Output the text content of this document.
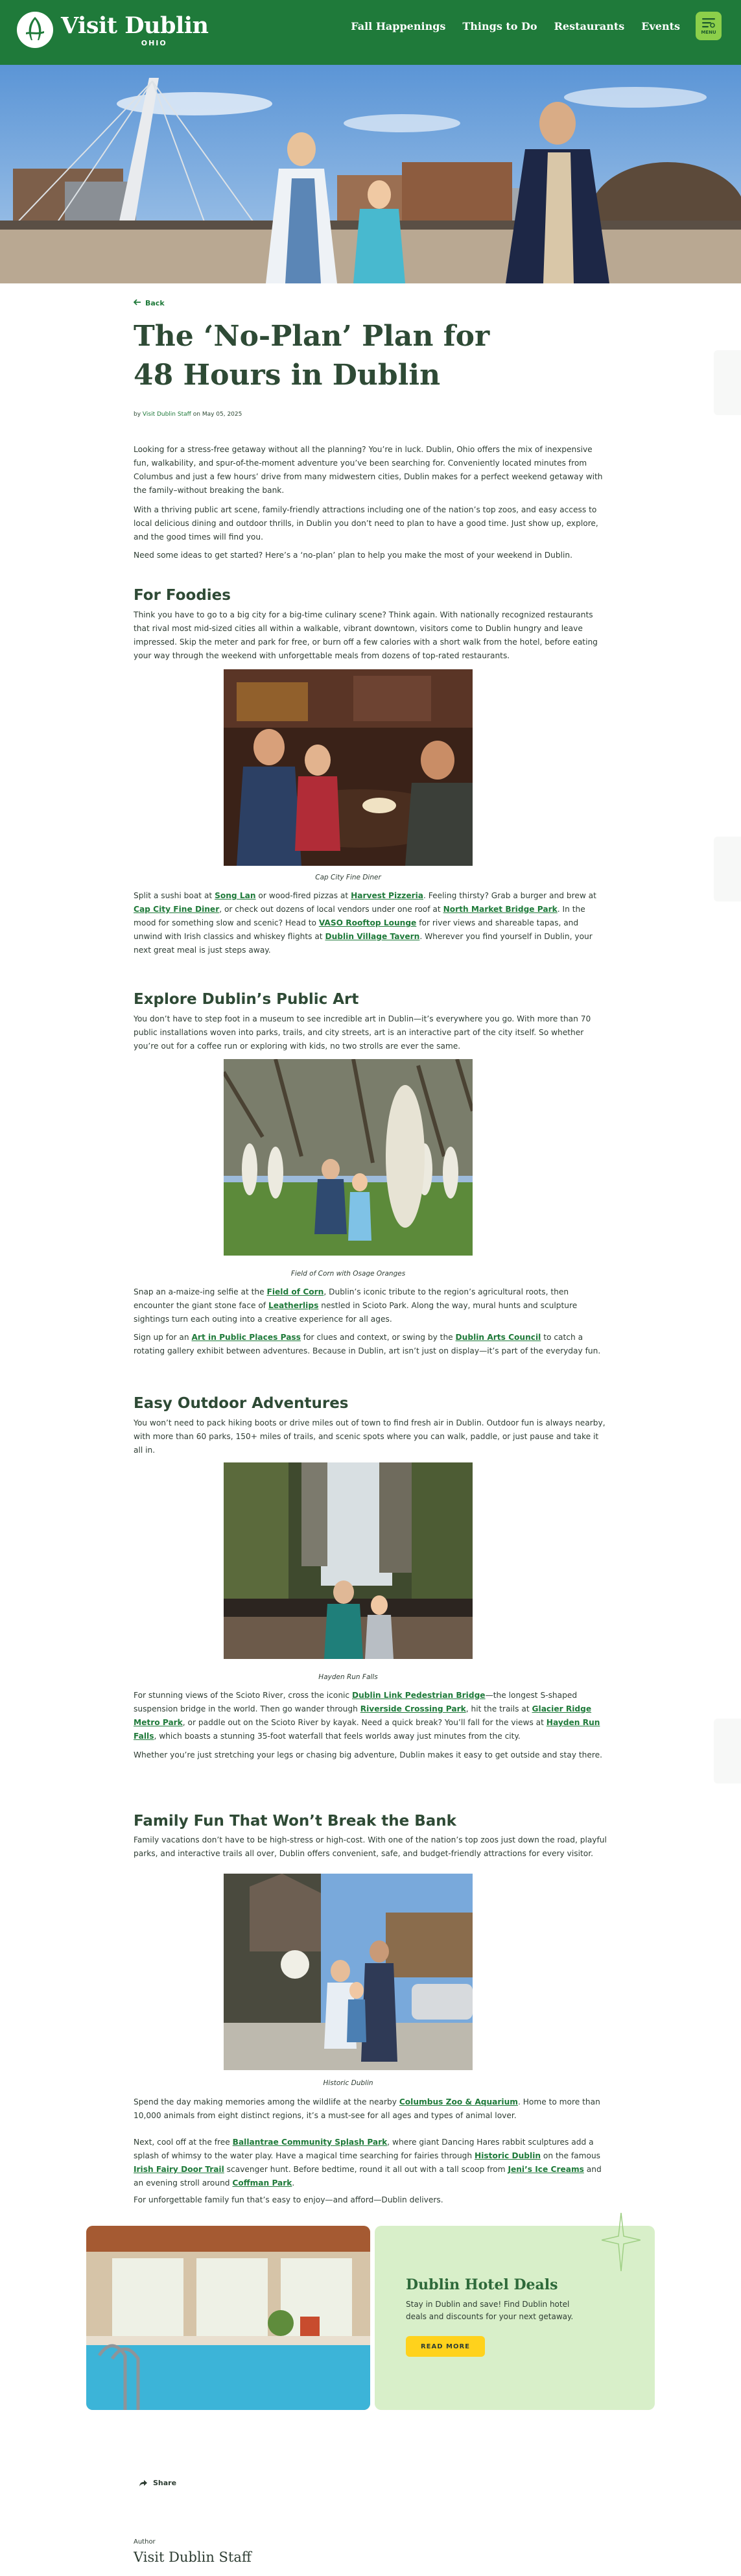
Visit Dublin
OHIO
Fall Happenings Things to Do Restaurants Events	MENU
Back
The ‘No-Plan’ Plan for 48 Hours in Dublin
by Visit Dublin Staff on May 05, 2025

Looking for a stress-free getaway without all the planning? You’re in luck. Dublin, Ohio offers the mix of inexpensive fun, walkability, and spur-of-the-moment adventure you’ve been searching for. Conveniently located minutes from Columbus and just a few hours’ drive from many midwestern cities, Dublin makes for a perfect weekend getaway with the family–without breaking the bank.

With a thriving public art scene, family-friendly attractions including one of the nation’s top zoos, and easy access to local delicious dining and outdoor thrills, in Dublin you don’t need to plan to have a good time. Just show up, explore, and the good times will find you.

Need some ideas to get started? Here’s a ‘no-plan’ plan to help you make the most of your weekend in Dublin.

For Foodies

Think you have to go to a big city for a big-time culinary scene? Think again. With nationally recognized restaurants that rival most mid-sized cities all within a walkable, vibrant downtown, visitors come to Dublin hungry and leave impressed. Skip the meter and park for free, or burn off a few calories with a short walk from the hotel, before eating your way through the weekend with unforgettable meals from dozens of top-rated restaurants.

Cap City Fine Diner

Split a sushi boat at Song Lan or wood-fired pizzas at Harvest Pizzeria. Feeling thirsty? Grab a burger and brew at Cap City Fine Diner, or check out dozens of local vendors under one roof at North Market Bridge Park. In the mood for something slow and scenic? Head to VASO Rooftop Lounge for river views and shareable tapas, and unwind with Irish classics and whiskey flights at Dublin Village Tavern. Wherever you find yourself in Dublin, your next great meal is just steps away.

Explore Dublin’s Public Art

You don’t have to step foot in a museum to see incredible art in Dublin—it’s everywhere you go. With more than 70 public installations woven into parks, trails, and city streets, art is an interactive part of the city itself. So whether you’re out for a coffee run or exploring with kids, no two strolls are ever the same.

Field of Corn with Osage Oranges

Snap an a-maize-ing selfie at the Field of Corn, Dublin’s iconic tribute to the region’s agricultural roots, then encounter the giant stone face of Leatherlips nestled in Scioto Park. Along the way, mural hunts and sculpture sightings turn each outing into a creative experience for all ages.

Sign up for an Art in Public Places Pass for clues and context, or swing by the Dublin Arts Council to catch a rotating gallery exhibit between adventures. Because in Dublin, art isn’t just on display—it’s part of the everyday fun.

Easy Outdoor Adventures

You won’t need to pack hiking boots or drive miles out of town to find fresh air in Dublin. Outdoor fun is always nearby, with more than 60 parks, 150+ miles of trails, and scenic spots where you can walk, paddle, or just pause and take it all in.

Hayden Run Falls

For stunning views of the Scioto River, cross the iconic Dublin Link Pedestrian Bridge—the longest S-shaped suspension bridge in the world. Then go wander through Riverside Crossing Park, hit the trails at Glacier Ridge Metro Park, or paddle out on the Scioto River by kayak. Need a quick break? You’ll fall for the views at Hayden Run Falls, which boasts a stunning 35-foot waterfall that feels worlds away just minutes from the city.

Whether you’re just stretching your legs or chasing big adventure, Dublin makes it easy to get outside and stay there.

Family Fun That Won’t Break the Bank

Family vacations don’t have to be high-stress or high-cost. With one of the nation’s top zoos just down the road, playful parks, and interactive trails all over, Dublin offers convenient, safe, and budget-friendly attractions for every visitor.

Historic Dublin

Spend the day making memories among the wildlife at the nearby Columbus Zoo & Aquarium. Home to more than 10,000 animals from eight distinct regions, it’s a must-see for all ages and types of animal lover.

Next, cool off at the free Ballantrae Community Splash Park, where giant Dancing Hares rabbit sculptures add a splash of whimsy to the water play. Have a magical time searching for fairies through Historic Dublin on the famous Irish Fairy Door Trail scavenger hunt. Before bedtime, round it all out with a tall scoop from Jeni’s Ice Creams and an evening stroll around Coffman Park.

For unforgettable family fun that’s easy to enjoy—and afford—Dublin delivers.

Dublin Hotel Deals
Stay in Dublin and save! Find Dublin hotel deals and discounts for your next getaway.
READ MORE
Share
Author
Visit Dublin Staff
